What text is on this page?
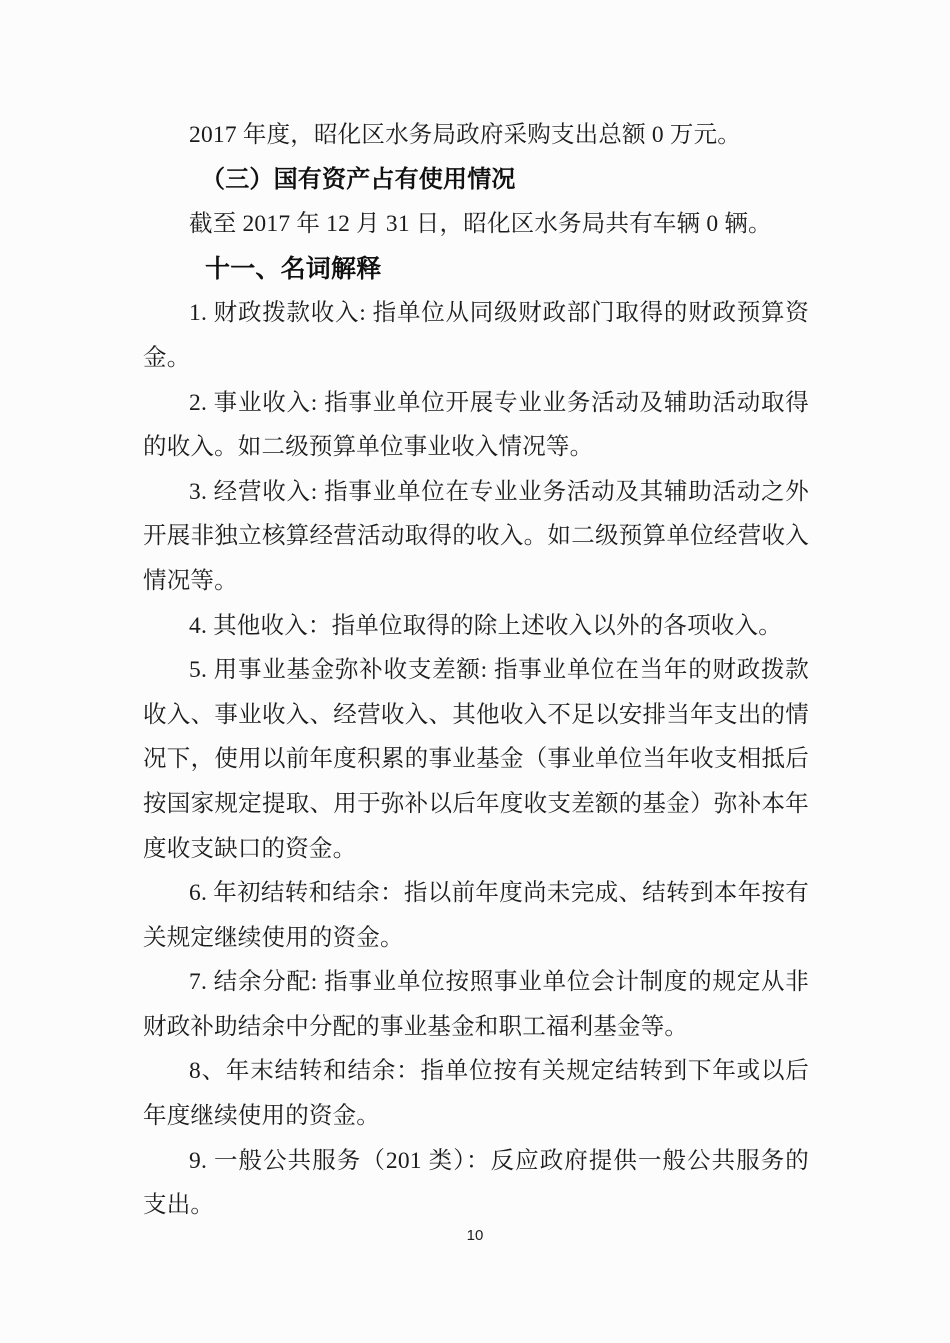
2017 年度，昭化区水务局政府采购支出总额 0 万元。
（三）国有资产占有使用情况
截至 2017 年 12 月 31 日，昭化区水务局共有车辆 0 辆。
十一、名词解释
1. 财政拨款收入: 指单位从同级财政部门取得的财政预算资
金。
2. 事业收入: 指事业单位开展专业业务活动及辅助活动取得
的收入。如二级预算单位事业收入情况等。
3. 经营收入: 指事业单位在专业业务活动及其辅助活动之外
开展非独立核算经营活动取得的收入。如二级预算单位经营收入
情况等。
4. 其他收入：指单位取得的除上述收入以外的各项收入。
5. 用事业基金弥补收支差额: 指事业单位在当年的财政拨款
收入、事业收入、经营收入、其他收入不足以安排当年支出的情
况下，使用以前年度积累的事业基金（事业单位当年收支相抵后
按国家规定提取、用于弥补以后年度收支差额的基金）弥补本年
度收支缺口的资金。
6. 年初结转和结余：指以前年度尚未完成、结转到本年按有
关规定继续使用的资金。
7. 结余分配: 指事业单位按照事业单位会计制度的规定从非
财政补助结余中分配的事业基金和职工福利基金等。
8、年末结转和结余：指单位按有关规定结转到下年或以后
年度继续使用的资金。
9. 一般公共服务（201 类）：反应政府提供一般公共服务的
支出。
10
